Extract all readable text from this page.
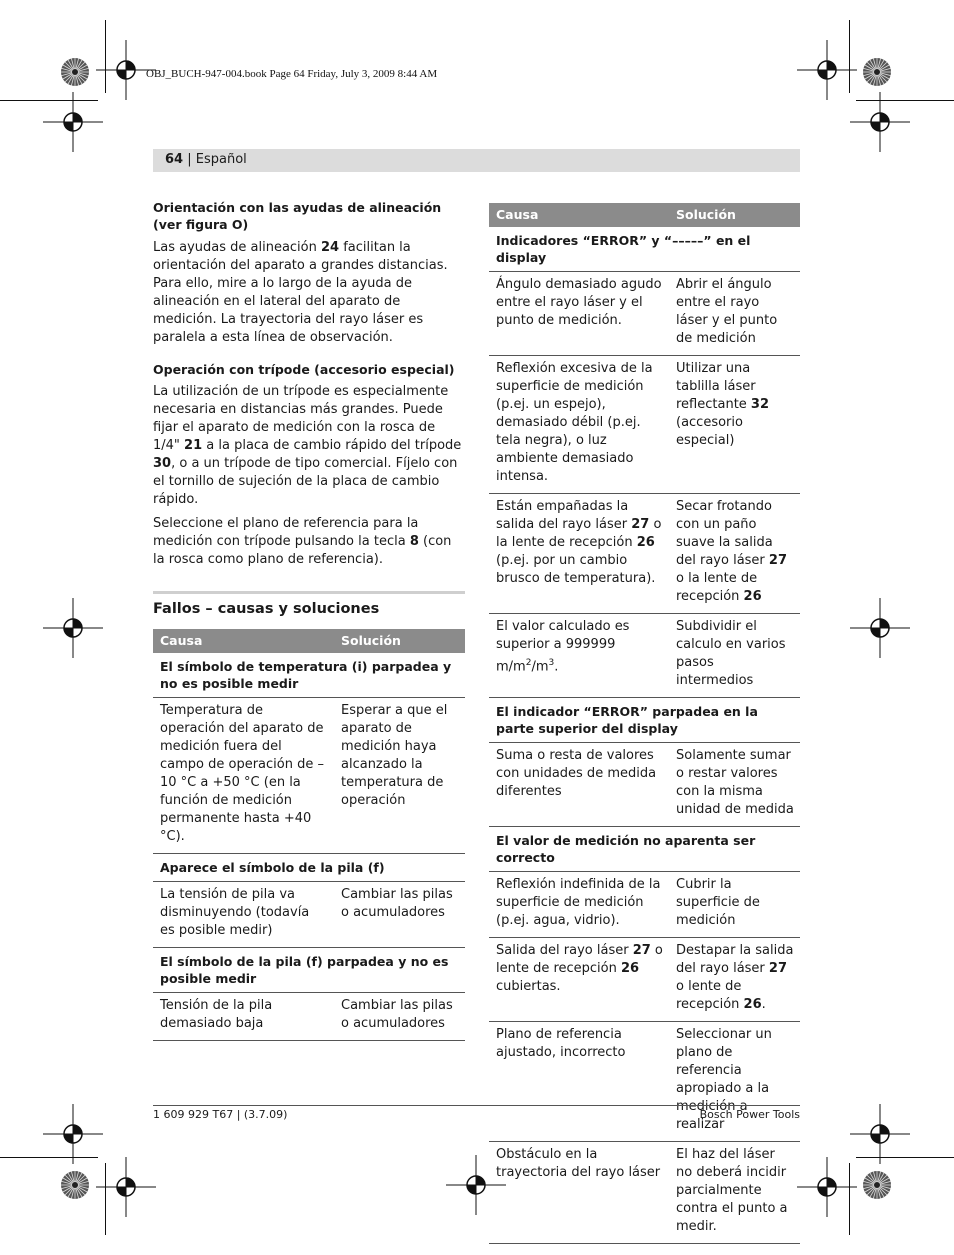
OBJ_BUCH-947-004.book Page 64 Friday, July 3, 2009 8:44 AM
64 | Español
Orientación con las ayudas de alineación (ver figura O)

Las ayudas de alineación 24 facilitan la orientación del aparato a grandes distancias. Para ello, mire a lo largo de la ayuda de alineación en el lateral del aparato de medición. La trayectoria del rayo láser es paralela a esta línea de observación.

Operación con trípode (accesorio especial)

La utilización de un trípode es especialmente necesaria en distancias más grandes. Puede fijar el aparato de medición con la rosca de 1/4" 21 a la placa de cambio rápido del trípode 30, o a un trípode de tipo comercial. Fíjelo con el tornillo de sujeción de la placa de cambio rápido.

Seleccione el plano de referencia para la medición con trípode pulsando la tecla 8 (con la rosca como plano de referencia).

Fallos – causas y soluciones
Causa	Solución
El símbolo de temperatura (i) parpadea y no es posible medir	
Temperatura de operación del aparato de medición fuera del campo de operación de – 10 °C a +50 °C (en la función de medición permanente hasta +40 °C).	Esperar a que el aparato de medición haya alcanzado la temperatura de operación
Aparece el símbolo de la pila (f)	
La tensión de pila va disminuyendo (todavía es posible medir)	Cambiar las pilas o acumuladores
El símbolo de la pila (f) parpadea y no es posible medir	
Tensión de la pila demasiado baja	Cambiar las pilas o acumuladores
Causa	Solución
Indicadores “ERROR” y “–––––” en el display	
Ángulo demasiado agudo entre el rayo láser y el punto de medición.	Abrir el ángulo entre el rayo láser y el punto de medición
Reflexión excesiva de la superficie de medición (p.ej. un espejo), demasiado débil (p.ej. tela negra), o luz ambiente demasiado intensa.	Utilizar una tablilla láser reflectante 32 (accesorio especial)
Están empañadas la salida del rayo láser 27 o la lente de recepción 26 (p.ej. por un cambio brusco de temperatura).	Secar frotando con un paño suave la salida del rayo láser 27 o la lente de recepción 26
El valor calculado es superior a 999999 $m/m^2/m^3$.	Subdividir el calculo en varios pasos intermedios
El indicador “ERROR” parpadea en la parte superior del display	
Suma o resta de valores con unidades de medida diferentes	Solamente sumar o restar valores con la misma unidad de medida
El valor de medición no aparenta ser correcto	
Reflexión indefinida de la superficie de medición (p.ej. agua, vidrio).	Cubrir la superficie de medición
Salida del rayo láser 27 o lente de recepción 26 cubiertas.	Destapar la salida del rayo láser 27 o lente de recepción 26.
Plano de referencia ajustado, incorrecto	Seleccionar un plano de referencia apropiado a la medición a realizar
Obstáculo en la trayectoria del rayo láser	El haz del láser no deberá incidir parcialmente contra el punto a medir.
1 609 929 T67 | (3.7.09)	Bosch Power Tools
